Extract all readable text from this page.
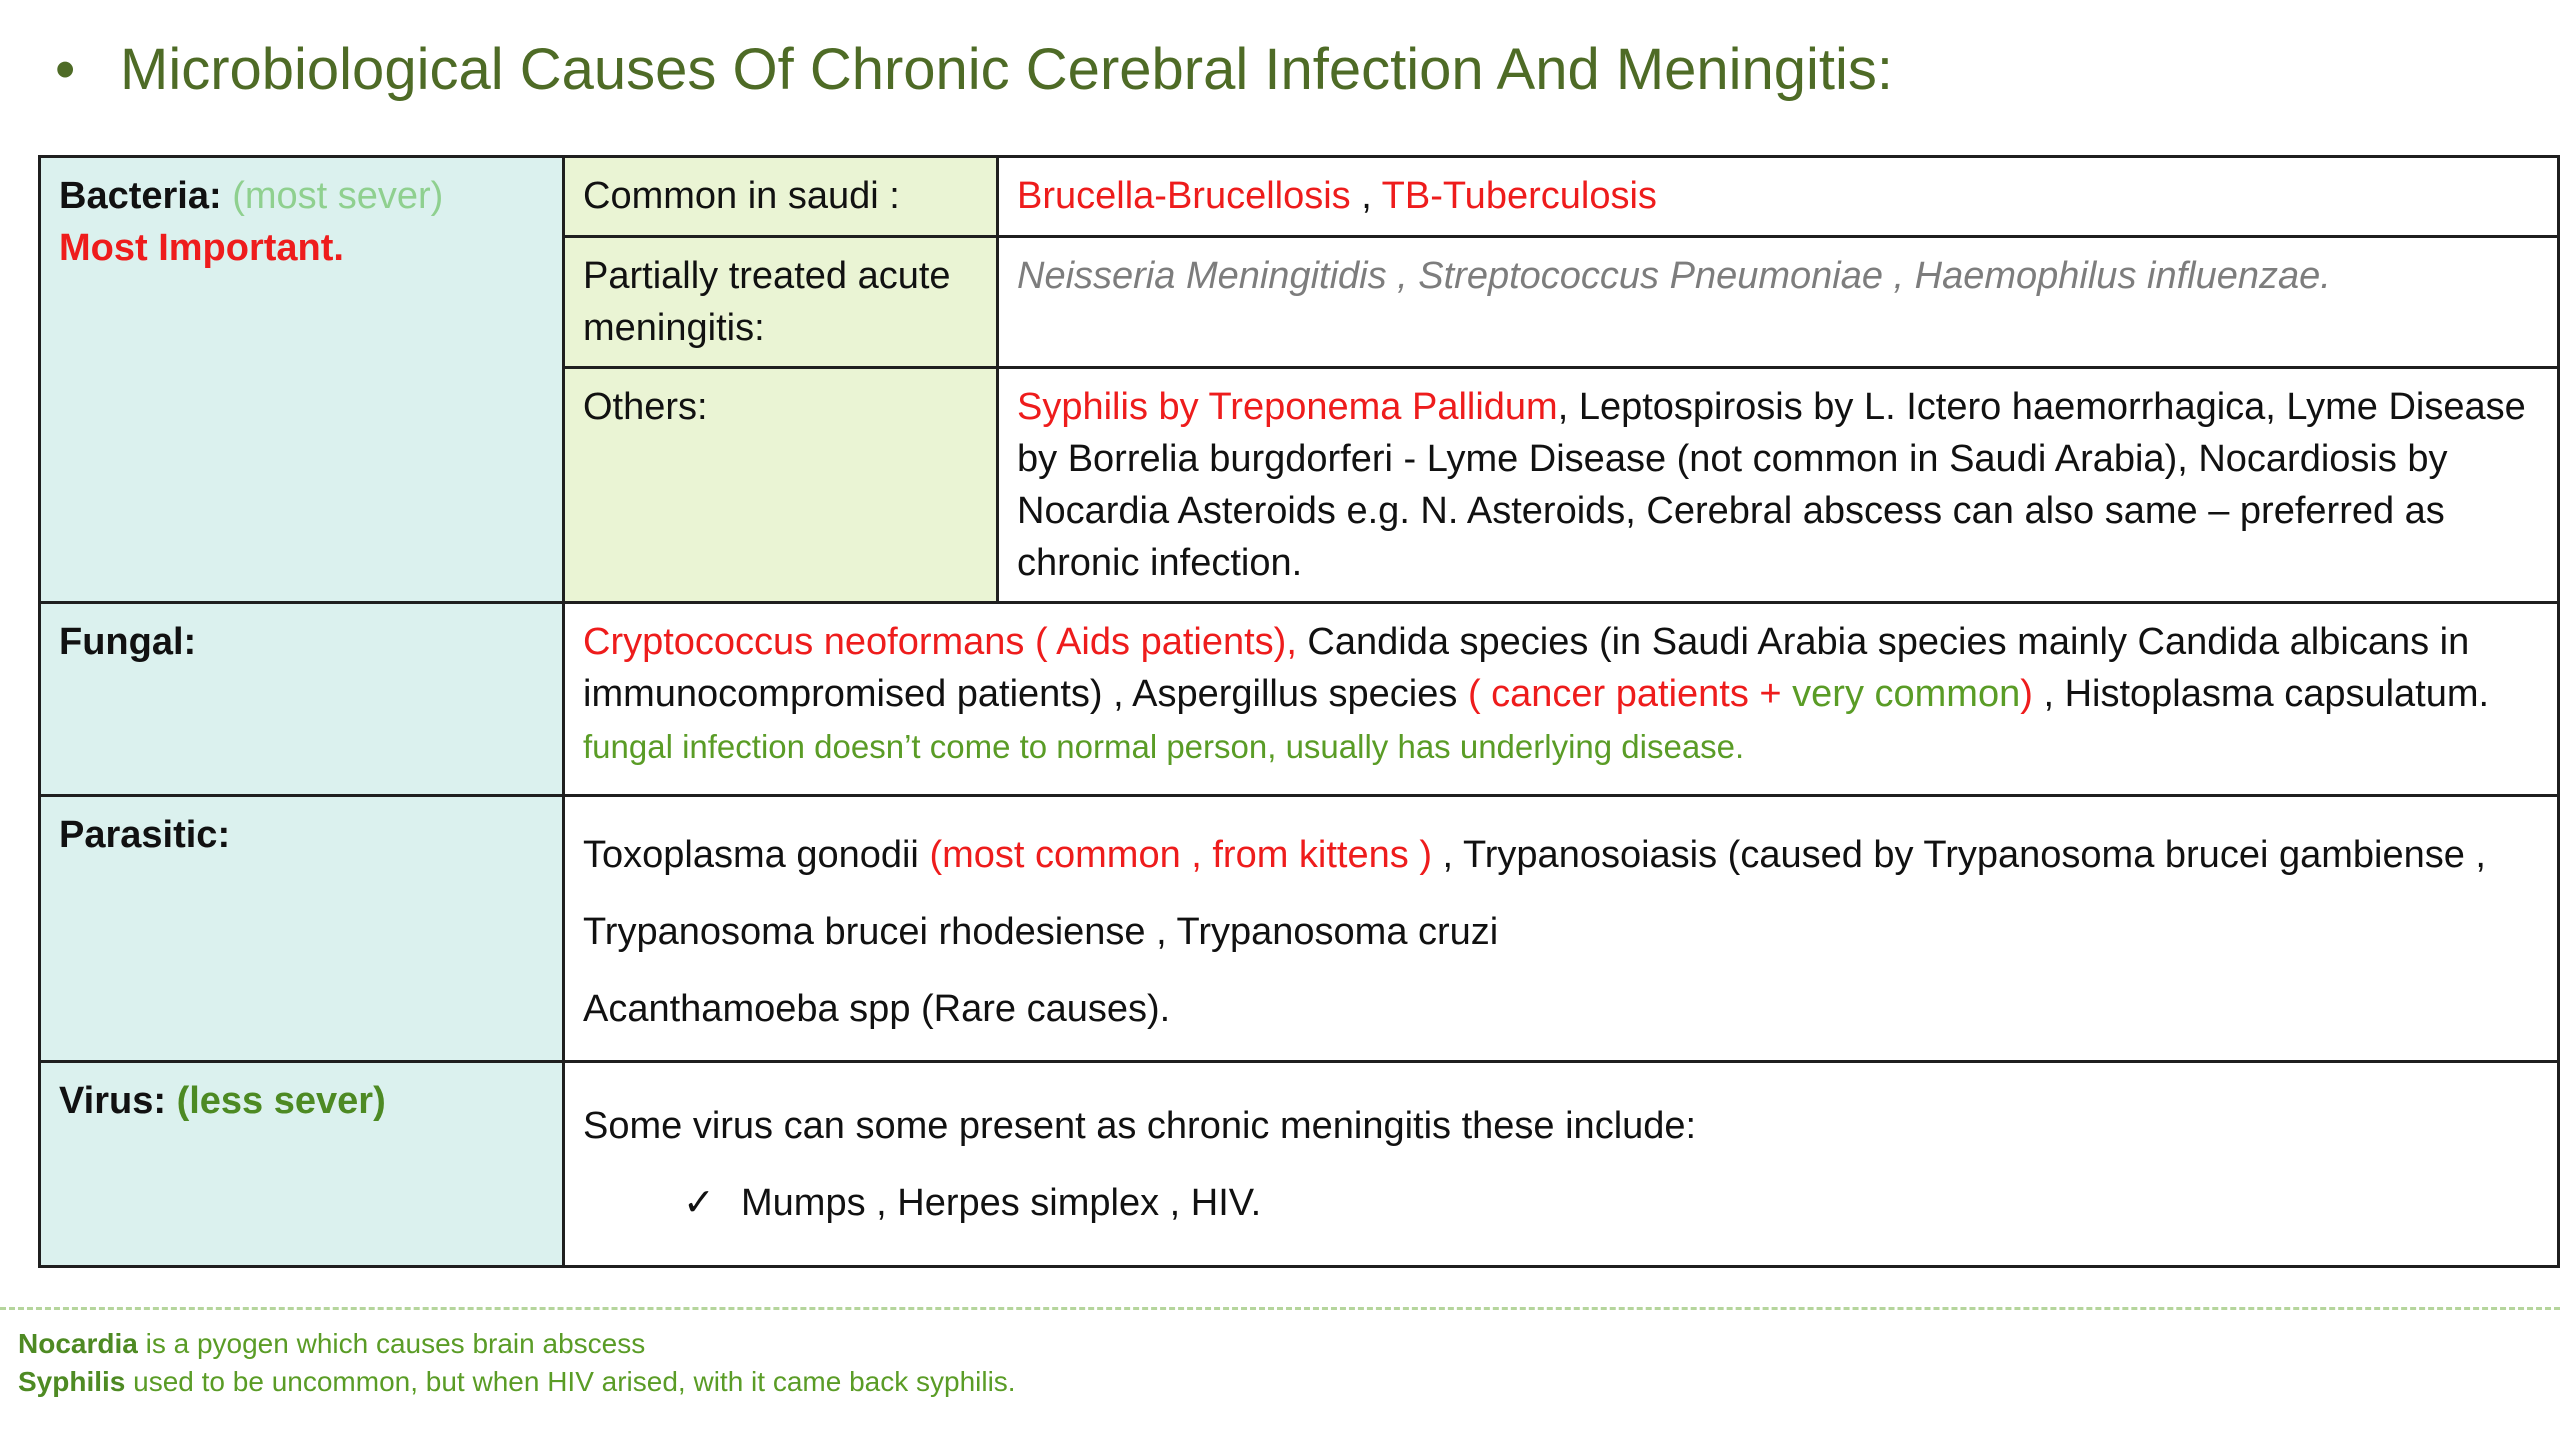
• Microbiological Causes Of Chronic Cerebral Infection And Meningitis:
Bacteria: (most sever)
Most Important.	Common in saudi :	Brucella-Brucellosis , TB-Tuberculosis
	Partially treated acute meningitis:	Neisseria Meningitidis , Streptococcus Pneumoniae , Haemophilus influenzae.
	Others:	Syphilis by Treponema Pallidum, Leptospirosis by L. Ictero haemorrhagica, Lyme Disease by Borrelia burgdorferi - Lyme Disease (not common in Saudi Arabia), Nocardiosis by Nocardia Asteroids e.g. N. Asteroids, Cerebral abscess can also same – preferred as chronic infection.
Fungal:	Cryptococcus neoformans ( Aids patients), Candida species (in Saudi Arabia species mainly Candida albicans in immunocompromised patients) , Aspergillus species ( cancer patients + very common) , Histoplasma capsulatum.
fungal infection doesn’t come to normal person, usually has underlying disease.	
Parasitic:	Toxoplasma gonodii (most common , from kittens ) , Trypanosoiasis (caused by Trypanosoma brucei gambiense ,

Trypanosoma brucei rhodesiense , Trypanosoma cruzi

Acanthamoeba spp (Rare causes).	

Virus: (less sever)	Some virus can some present as chronic meningitis these include:

✓ Mumps , Herpes simplex , HIV.	

Nocardia is a pyogen which causes brain abscess
Syphilis used to be uncommon, but when HIV arised, with it came back syphilis.
